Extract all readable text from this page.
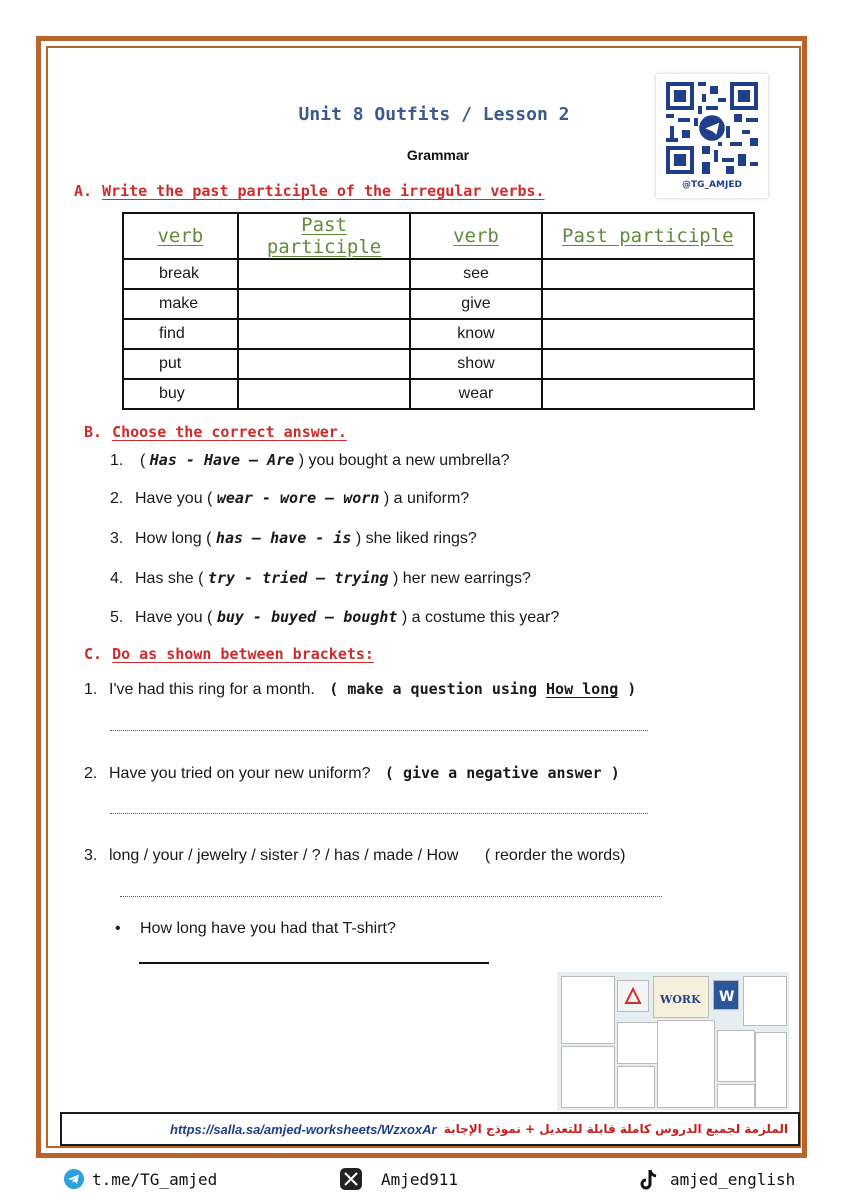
@TG_AMJED
Unit 8 Outfits / Lesson 2
Grammar
A. Write the past participle of the irregular verbs.
verb	Past participle	verb	Past participle
break		see	
make		give	
find		know	
put		show	
buy		wear	
B. Choose the correct answer.
1. ( Has - Have – Are ) you bought a new umbrella?
2. Have you ( wear - wore – worn ) a uniform?
3. How long ( has – have - is ) she liked rings?
4. Has she ( try - tried – trying ) her new earrings?
5. Have you ( buy - buyed – bought ) a costume this year?
C. Do as shown between brackets:
1. I've had this ring for a month. ( make a question using How long )
2. Have you tried on your new uniform? ( give a negative answer )
3. long / your / jewelry / sister / ? / has / made / How ( reorder the words)
• How long have you had that T-shirt?
WORK W
https://salla.sa/amjed-worksheets/WzxoxAr الملزمة لجميع الدروس كاملة قابلة للتعديل + نموذج الإجابة
t.me/TG_amjed	Amjed911	amjed_english
